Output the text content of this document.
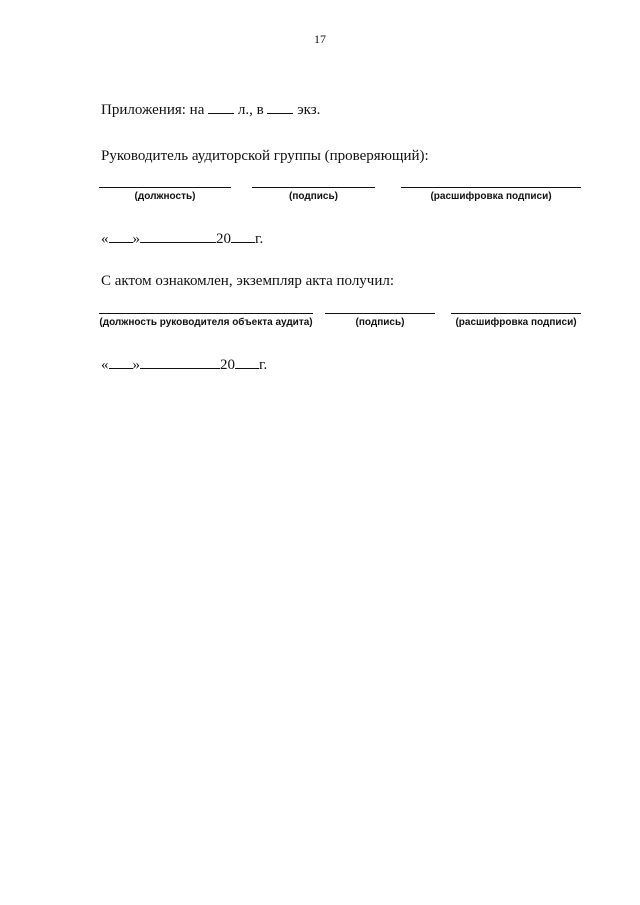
17
Приложения: на л., в экз.
Руководитель аудиторской группы (проверяющий):
(должность)	(подпись)	(расшифровка подписи)
« »	20 г.
С актом ознакомлен, экземпляр акта получил:
(должность руководителя объекта аудита)	(подпись)	(расшифровка подписи)
« »	20 г.
